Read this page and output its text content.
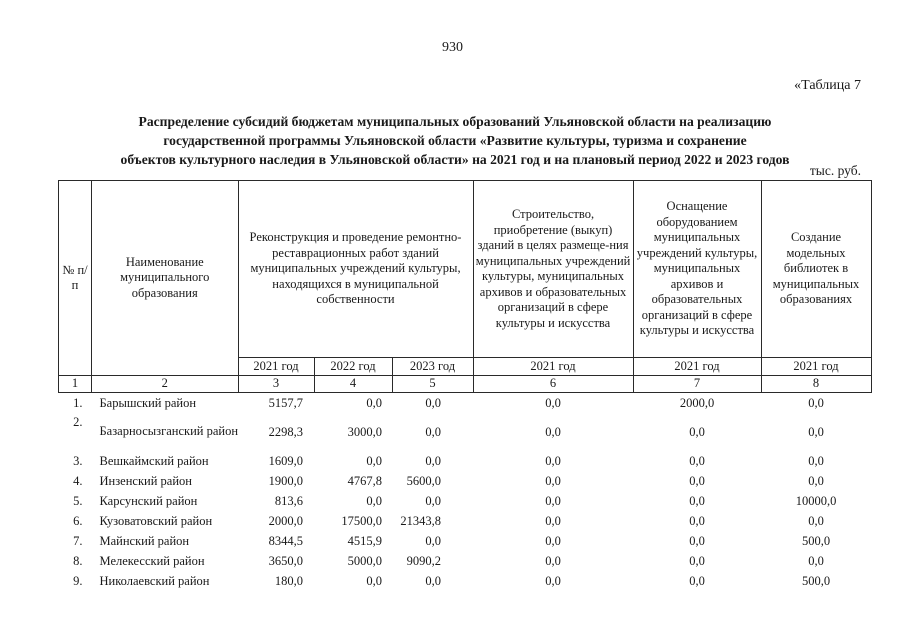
930
«Таблица 7
Распределение субсидий бюджетам муниципальных образований Ульяновской области на реализацию
государственной программы Ульяновской области «Развитие культуры, туризма и сохранение
объектов культурного наследия в Ульяновской области» на 2021 год и на плановый период 2022 и 2023 годов
тыс. руб.
№ п/п	Наименование муниципального образования	Реконструкция и проведение ремонтно-реставрационных работ зданий муниципальных учреждений культуры, находящихся в муниципальной собственности			Строительство, приобретение (выкуп) зданий в целях размеще-ния муниципальных учреждений культуры, муниципальных архивов и образовательных организаций в сфере культуры и искусства	Оснащение оборудованием муниципальных учреждений культуры, муниципальных архивов и образовательных организаций в сфере культуры и искусства	Создание модельных библиотек в муниципальных образованиях

		2021 год	2022 год	2023 год	2021 год	2021 год	2021 год
1	2	3	4	5	6	7	8
1.	Барышский район	5157,7	0,0	0,0	0,0	2000,0	0,0
2.	Базарносызганский район	2298,3	3000,0	0,0	0,0	0,0	0,0
3.	Вешкаймский район	1609,0	0,0	0,0	0,0	0,0	0,0
4.	Инзенский район	1900,0	4767,8	5600,0	0,0	0,0	0,0
5.	Карсунский район	813,6	0,0	0,0	0,0	0,0	10000,0
6.	Кузоватовский район	2000,0	17500,0	21343,8	0,0	0,0	0,0
7.	Майнский район	8344,5	4515,9	0,0	0,0	0,0	500,0
8.	Мелекесский район	3650,0	5000,0	9090,2	0,0	0,0	0,0
9.	Николаевский район	180,0	0,0	0,0	0,0	0,0	500,0
